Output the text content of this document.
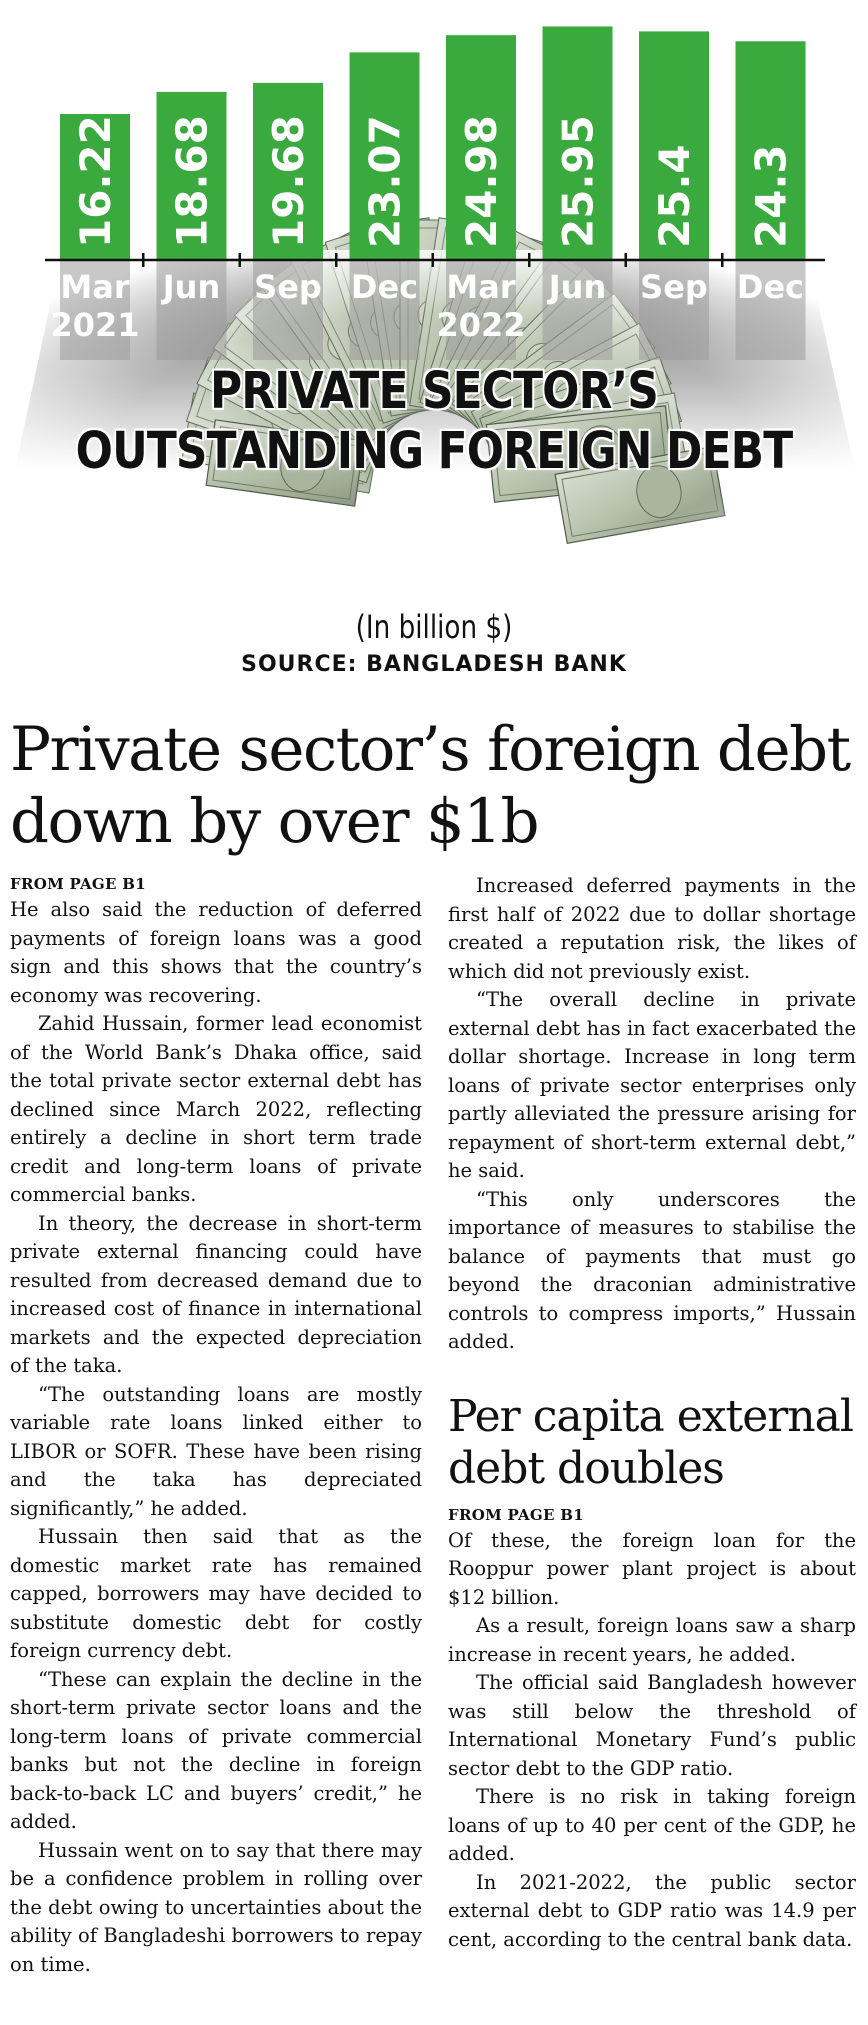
16.22
Mar
2021
18.68
Jun
19.68
Sep
23.07
Dec
24.98
Mar
2022
25.95
Jun
25.4
Sep
24.3
Dec
PRIVATE SECTOR’S
OUTSTANDING FOREIGN DEBT
(In billion $)
SOURCE: BANGLADESH BANK
Private sector’s foreign debt
down by over $1b
FROM PAGE B1

He also said the reduction of deferred payments of foreign loans was a good sign and this shows that the country’s economy was recovering.

Zahid Hussain, former lead economist of the World Bank’s Dhaka office, said the total private sector external debt has declined since March 2022, reflecting entirely a decline in short term trade credit and long-term loans of private commercial banks.

In theory, the decrease in short-term private external financing could have resulted from decreased demand due to increased cost of finance in international markets and the expected depreciation of the taka.

“The outstanding loans are mostly variable rate loans linked either to LIBOR or SOFR. These have been rising and the taka has depreciated significantly,” he added.

Hussain then said that as the domestic market rate has remained capped, borrowers may have decided to substitute domestic debt for costly foreign currency debt.

“These can explain the decline in the short-term private sector loans and the long-term loans of private commercial banks but not the decline in foreign back-to-back LC and buyers’ credit,” he added.

Hussain went on to say that there may be a confidence problem in rolling over the debt owing to uncertainties about the ability of Bangladeshi borrowers to repay on time.

Increased deferred payments in the first half of 2022 due to dollar shortage created a reputation risk, the likes of which did not previously exist.

“The overall decline in private external debt has in fact exacerbated the dollar shortage. Increase in long term loans of private sector enterprises only partly alleviated the pressure arising for repayment of short-term external debt,” he said.

“This only underscores the importance of measures to stabilise the balance of payments that must go beyond the draconian administrative controls to compress imports,” Hussain added.

Per capita external debt doubles
FROM PAGE B1

Of these, the foreign loan for the Rooppur power plant project is about $12 billion.

As a result, foreign loans saw a sharp increase in recent years, he added.

The official said Bangladesh however was still below the threshold of International Monetary Fund’s public sector debt to the GDP ratio.

There is no risk in taking foreign loans of up to 40 per cent of the GDP, he added.

In 2021-2022, the public sector external debt to GDP ratio was 14.9 per cent, according to the central bank data.
